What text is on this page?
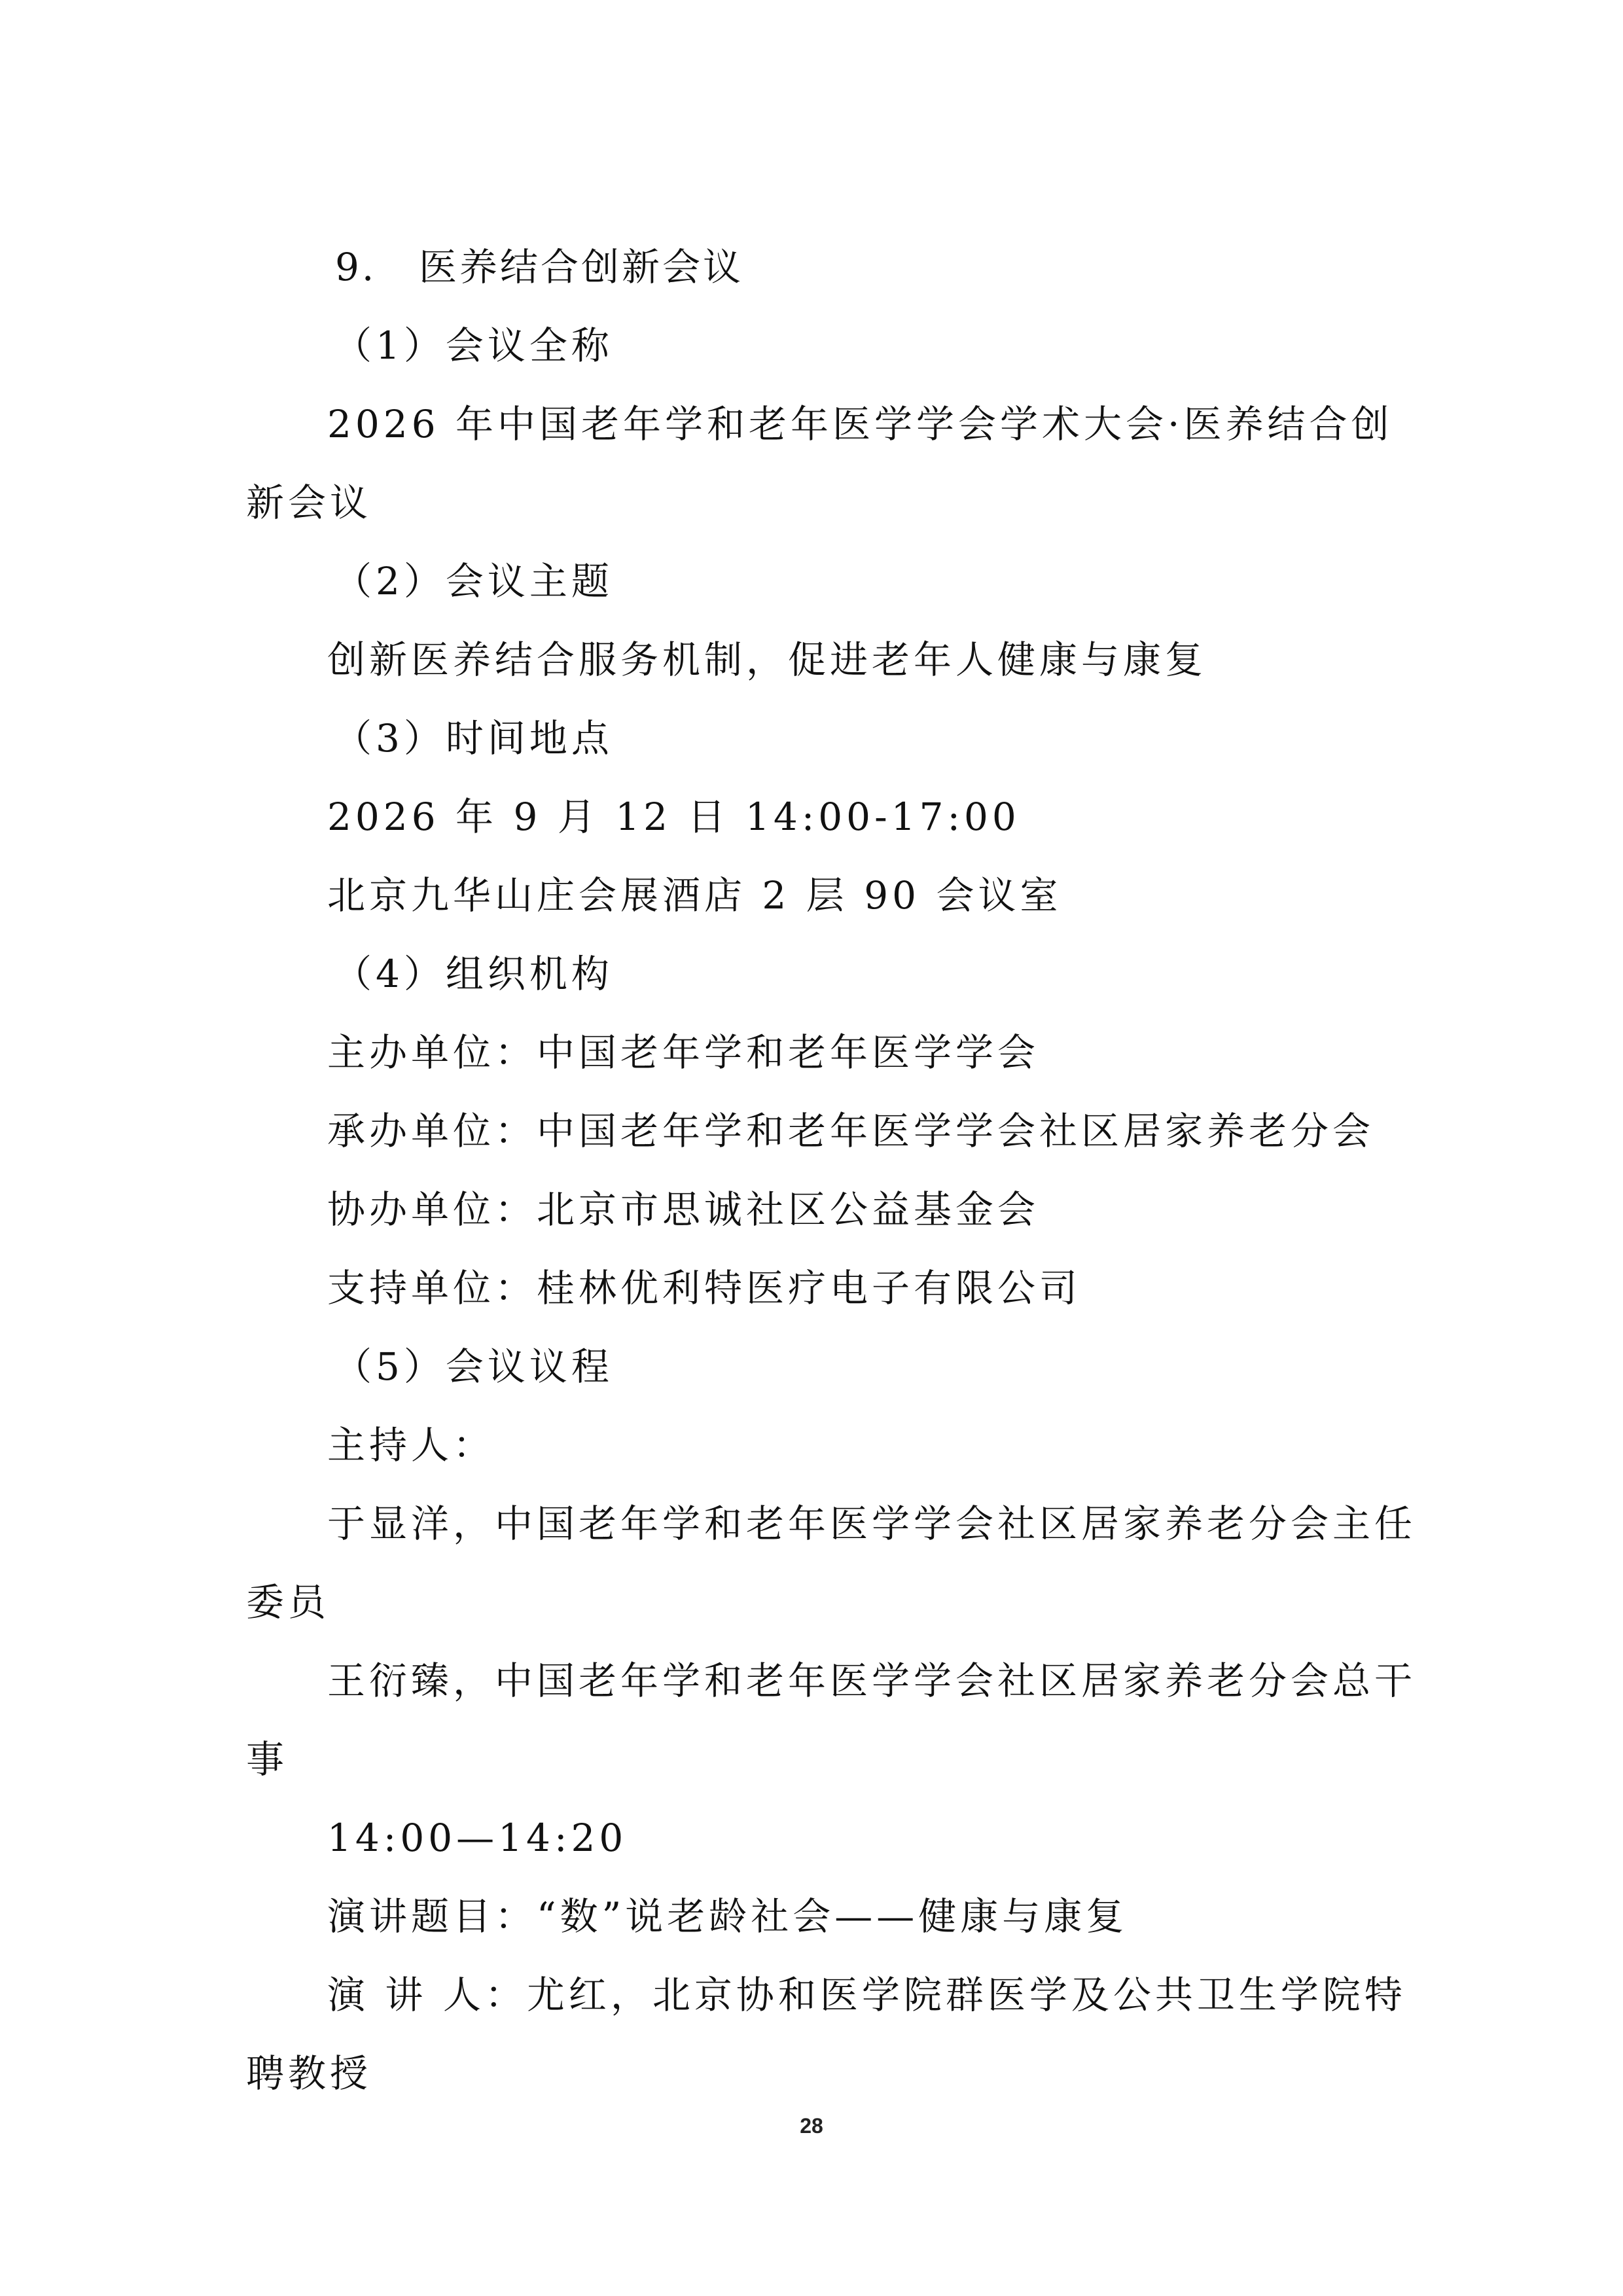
9. 医养结合创新会议
（1）会议全称
2026 年中国老年学和老年医学学会学术大会·医养结合创
新会议
（2）会议主题
创新医养结合服务机制，促进老年人健康与康复
（3）时间地点
2026 年 9 月 12 日 14:00-17:00
北京九华山庄会展酒店 2 层 90 会议室
（4）组织机构
主办单位：中国老年学和老年医学学会
承办单位：中国老年学和老年医学学会社区居家养老分会
协办单位：北京市思诚社区公益基金会
支持单位：桂林优利特医疗电子有限公司
（5）会议议程
主持人：
于显洋，中国老年学和老年医学学会社区居家养老分会主任
委员
王衍臻，中国老年学和老年医学学会社区居家养老分会总干
事
14:00—14:20
演讲题目：“数”说老龄社会——健康与康复
演 讲 人：尤红，北京协和医学院群医学及公共卫生学院特
聘教授
28
